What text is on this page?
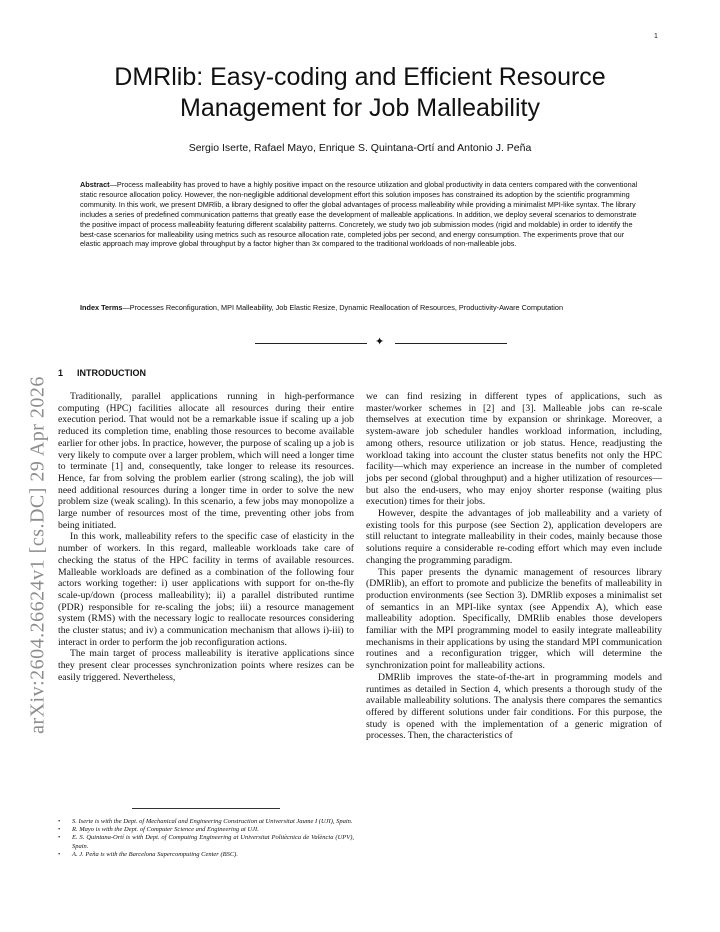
1
arXiv:2604.26624v1 [cs.DC] 29 Apr 2026
DMRlib: Easy-coding and Efficient Resource Management for Job Malleability
Sergio Iserte, Rafael Mayo, Enrique S. Quintana-Ortí and Antonio J. Peña

Abstract—Process malleability has proved to have a highly positive impact on the resource utilization and global productivity in data centers compared with the conventional static resource allocation policy. However, the non-negligible additional development effort this solution imposes has constrained its adoption by the scientific programming community. In this work, we present DMRlib, a library designed to offer the global advantages of process malleability while providing a minimalist MPI-like syntax. The library includes a series of predefined communication patterns that greatly ease the development of malleable applications. In addition, we deploy several scenarios to demonstrate the positive impact of process malleability featuring different scalability patterns. Concretely, we study two job submission modes (rigid and moldable) in order to identify the best-case scenarios for malleability using metrics such as resource allocation rate, completed jobs per second, and energy consumption. The experiments prove that our elastic approach may improve global throughput by a factor higher than 3x compared to the traditional workloads of non-malleable jobs.

Index Terms—Processes Reconfiguration, MPI Malleability, Job Elastic Resize, Dynamic Reallocation of Resources, Productivity-Aware Computation

✦
1 INTRODUCTION

Traditionally, parallel applications running in high-performance computing (HPC) facilities allocate all resources during their entire execution period. That would not be a remarkable issue if scaling up a job reduced its completion time, enabling those resources to become available earlier for other jobs. In practice, however, the purpose of scaling up a job is very likely to compute over a larger problem, which will need a longer time to terminate [1] and, consequently, take longer to release its resources. Hence, far from solving the problem earlier (strong scaling), the job will need additional resources during a longer time in order to solve the new problem size (weak scaling). In this scenario, a few jobs may monopolize a large number of resources most of the time, preventing other jobs from being initiated.

In this work, malleability refers to the specific case of elasticity in the number of workers. In this regard, malleable workloads take care of checking the status of the HPC facility in terms of available resources. Malleable workloads are defined as a combination of the following four actors working together: i) user applications with support for on-the-fly scale-up/down (process malleability); ii) a parallel distributed runtime (PDR) responsible for re-scaling the jobs; iii) a resource management system (RMS) with the necessary logic to reallocate resources considering the cluster status; and iv) a communication mechanism that allows i)-iii) to interact in order to perform the job reconfiguration actions.

The main target of process malleability is iterative applications since they present clear processes synchronization points where resizes can be easily triggered. Nevertheless,

we can find resizing in different types of applications, such as master/worker schemes in [2] and [3]. Malleable jobs can re-scale themselves at execution time by expansion or shrinkage. Moreover, a system-aware job scheduler handles workload information, including, among others, resource utilization or job status. Hence, readjusting the workload taking into account the cluster status benefits not only the HPC facility—which may experience an increase in the number of completed jobs per second (global throughput) and a higher utilization of resources—but also the end-users, who may enjoy shorter response (waiting plus execution) times for their jobs.

However, despite the advantages of job malleability and a variety of existing tools for this purpose (see Section 2), application developers are still reluctant to integrate malleability in their codes, mainly because those solutions require a considerable re-coding effort which may even include changing the programming paradigm.

This paper presents the dynamic management of resources library (DMRlib), an effort to promote and publicize the benefits of malleability in production environments (see Section 3). DMRlib exposes a minimalist set of semantics in an MPI-like syntax (see Appendix A), which ease malleability adoption. Specifically, DMRlib enables those developers familiar with the MPI programming model to easily integrate malleability mechanisms in their applications by using the standard MPI communication routines and a reconfiguration trigger, which will determine the synchronization point for malleability actions.

DMRlib improves the state-of-the-art in programming models and runtimes as detailed in Section 4, which presents a thorough study of the available malleability solutions. The analysis there compares the semantics offered by different solutions under fair conditions. For this purpose, the study is opened with the implementation of a generic migration of processes. Then, the characteristics of

• S. Iserte is with the Dept. of Mechanical and Engineering Construction at Universitat Jaume I (UJI), Spain.
• R. Mayo is with the Dept. of Computer Science and Engineering at UJI.
• E. S. Quintana-Ortí is with Dept. of Computing Engineering at Universitat Politècnica de València (UPV), Spain.
• A. J. Peña is with the Barcelona Supercomputing Center (BSC).
